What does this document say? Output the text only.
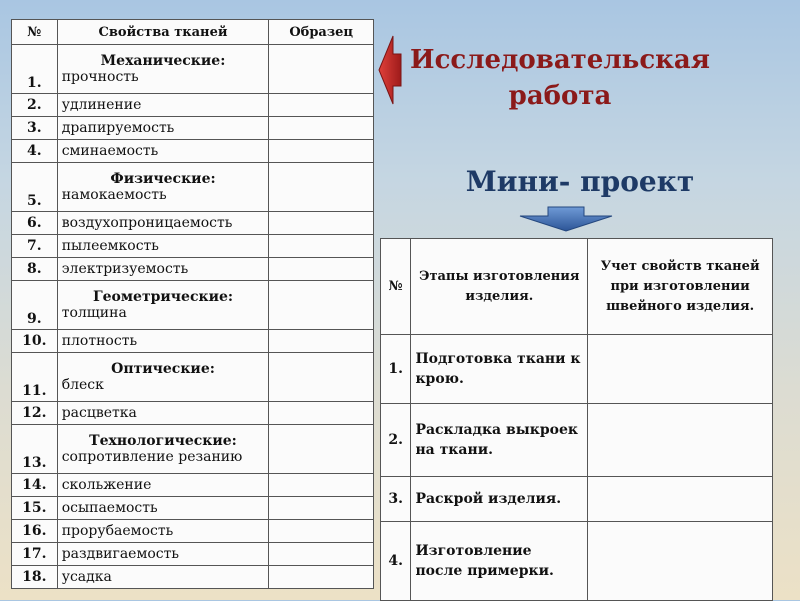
№	Свойства тканей	Образец
1.	Механические:
прочность	

2.	удлинение	

3.	драпируемость	

4.	сминаемость	

5.	Физические:
намокаемость	

6.	воздухопроницаемость	

7.	пылеемкость	

8.	электризуемость	

9.	Геометрические:
толщина	

10.	плотность	

11.	Оптические:
блеск	

12.	расцветка	

13.	Технологические:
сопротивление резанию	

14.	скольжение	

15.	осыпаемость	

16.	прорубаемость	

17.	раздвигаемость	

18.	усадка	

Исследовательская работа
Мини- проект
№	Этапы изготовления изделия.	Учет свойств тканей при изготовлении швейного изделия.
1.	Подготовка ткани к крою.	
2.	Раскладка выкроек на ткани.	
3.	Раскрой изделия.	
4.	Изготовление после примерки.	
